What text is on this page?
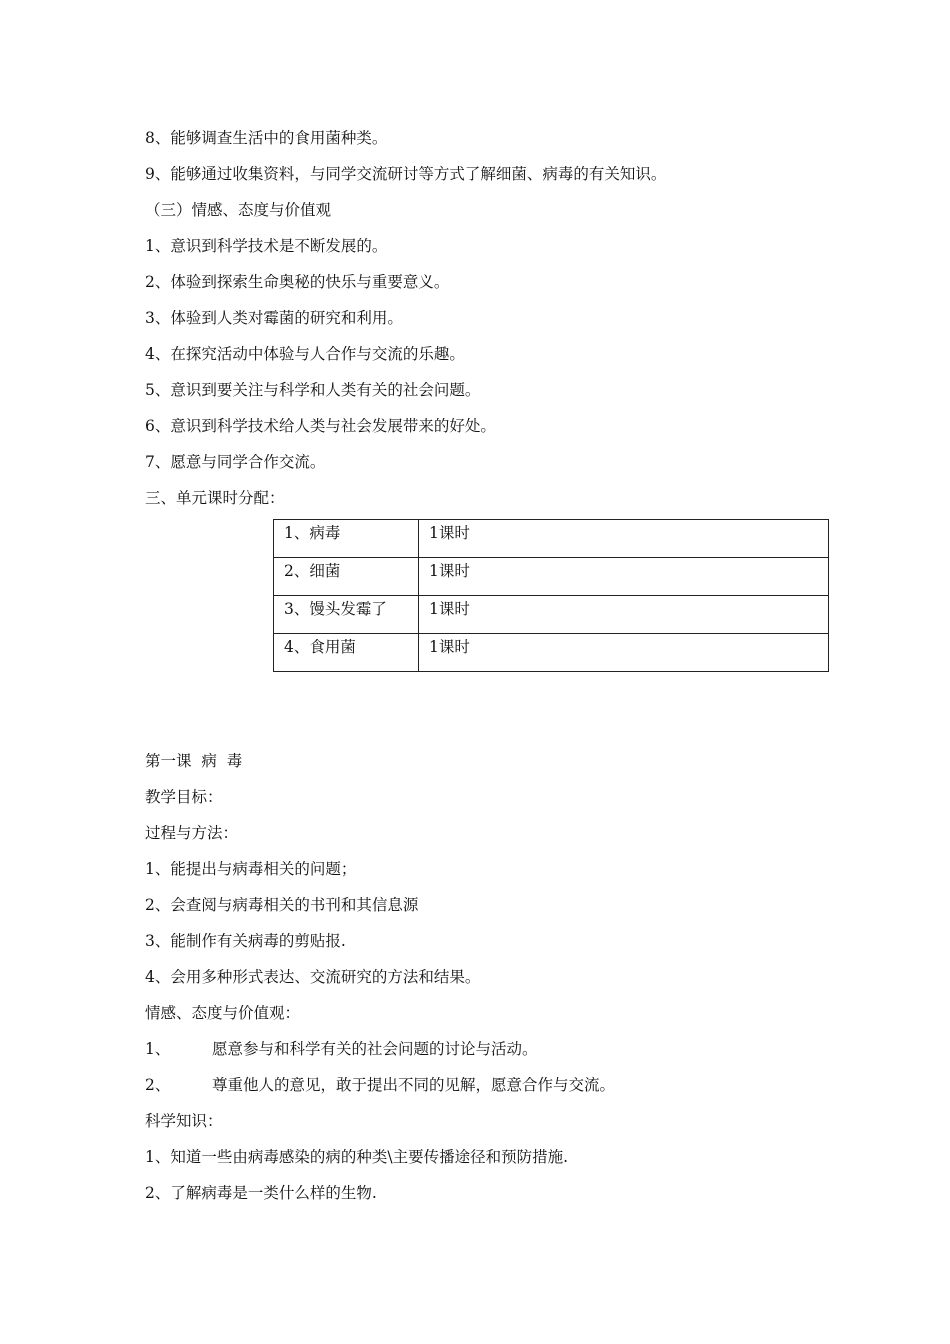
8、能够调查生活中的食用菌种类。
9、能够通过收集资料，与同学交流研讨等方式了解细菌、病毒的有关知识。
（三）情感、态度与价值观
1、意识到科学技术是不断发展的。
2、体验到探索生命奥秘的快乐与重要意义。
3、体验到人类对霉菌的研究和利用。
4、在探究活动中体验与人合作与交流的乐趣。
5、意识到要关注与科学和人类有关的社会问题。
6、意识到科学技术给人类与社会发展带来的好处。
7、愿意与同学合作交流。
三、单元课时分配：
1、病毒	1课时
2、细菌	1课时
3、馒头发霉了	1课时
4、食用菌	1课时
第一课  病  毒
教学目标：
过程与方法：
1、能提出与病毒相关的问题；
2、会查阅与病毒相关的书刊和其信息源
3、能制作有关病毒的剪贴报.
4、会用多种形式表达、交流研究的方法和结果。
情感、态度与价值观：
1、	愿意参与和科学有关的社会问题的讨论与活动。
2、	尊重他人的意见，敢于提出不同的见解，愿意合作与交流。
科学知识：
1、知道一些由病毒感染的病的种类\主要传播途径和预防措施.
2、了解病毒是一类什么样的生物.
